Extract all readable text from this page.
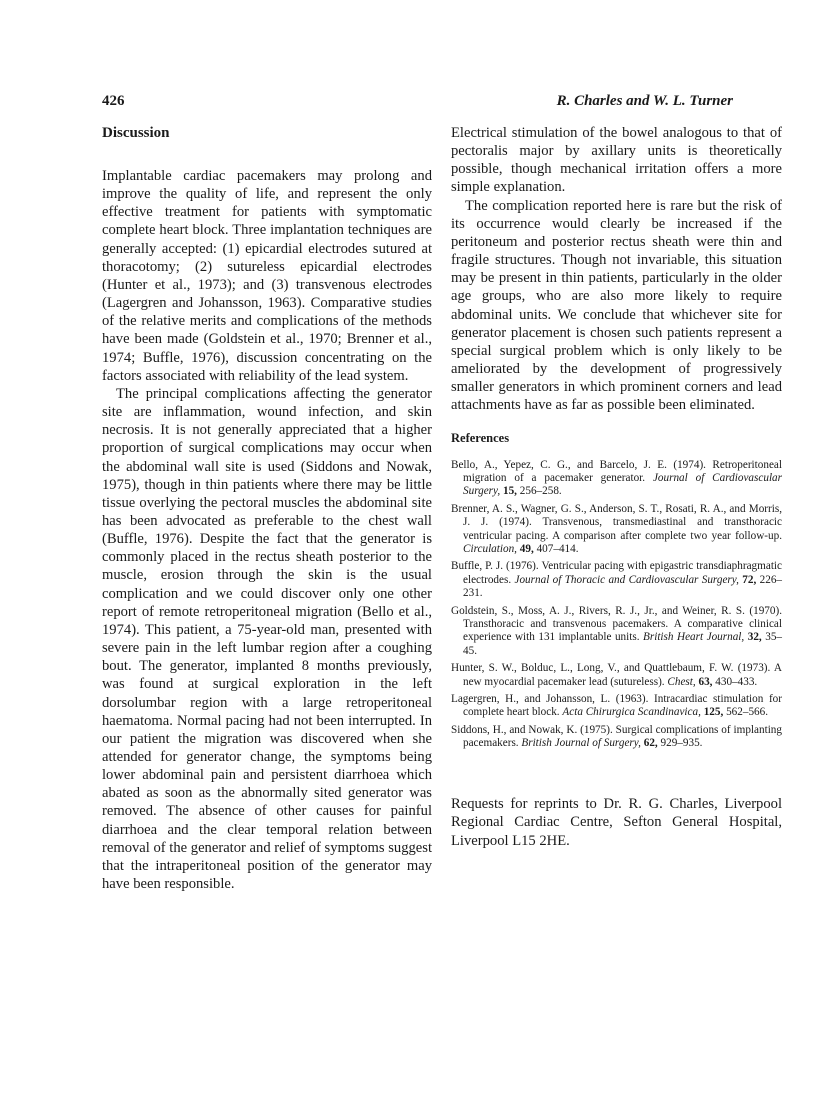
426	R. Charles and W. L. Turner
Discussion

Implantable cardiac pacemakers may prolong and improve the quality of life, and represent the only effective treatment for patients with symptomatic complete heart block. Three implantation techniques are generally accepted: (1) epicardial electrodes sutured at thoracotomy; (2) sutureless epicardial electrodes (Hunter et al., 1973); and (3) transvenous electrodes (Lagergren and Johansson, 1963). Comparative studies of the relative merits and complications of the methods have been made (Goldstein et al., 1970; Brenner et al., 1974; Buffle, 1976), discussion concentrating on the factors associated with reliability of the lead system.

The principal complications affecting the generator site are inflammation, wound infection, and skin necrosis. It is not generally appreciated that a higher proportion of surgical complications may occur when the abdominal wall site is used (Siddons and Nowak, 1975), though in thin patients where there may be little tissue overlying the pectoral muscles the abdominal site has been advocated as preferable to the chest wall (Buffle, 1976). Despite the fact that the generator is commonly placed in the rectus sheath posterior to the muscle, erosion through the skin is the usual complication and we could discover only one other report of remote retroperitoneal migration (Bello et al., 1974). This patient, a 75-year-old man, presented with severe pain in the left lumbar region after a coughing bout. The generator, implanted 8 months previously, was found at surgical exploration in the left dorsolumbar region with a large retroperitoneal haematoma. Normal pacing had not been interrupted. In our patient the migration was discovered when she attended for generator change, the symptoms being lower abdominal pain and persistent diarrhoea which abated as soon as the abnormally sited generator was removed. The absence of other causes for painful diarrhoea and the clear temporal relation between removal of the generator and relief of symptoms suggest that the intraperitoneal position of the generator may have been responsible.

Electrical stimulation of the bowel analogous to that of pectoralis major by axillary units is theoretically possible, though mechanical irritation offers a more simple explanation.

The complication reported here is rare but the risk of its occurrence would clearly be increased if the peritoneum and posterior rectus sheath were thin and fragile structures. Though not invariable, this situation may be present in thin patients, particularly in the older age groups, who are also more likely to require abdominal units. We conclude that whichever site for generator placement is chosen such patients represent a special surgical problem which is only likely to be ameliorated by the development of progressively smaller generators in which prominent corners and lead attachments have as far as possible been eliminated.

References

Bello, A., Yepez, C. G., and Barcelo, J. E. (1974). Retroperitoneal migration of a pacemaker generator. Journal of Cardiovascular Surgery, 15, 256–258.

Brenner, A. S., Wagner, G. S., Anderson, S. T., Rosati, R. A., and Morris, J. J. (1974). Transvenous, transmediastinal and transthoracic ventricular pacing. A comparison after complete two year follow-up. Circulation, 49, 407–414.

Buffle, P. J. (1976). Ventricular pacing with epigastric transdiaphragmatic electrodes. Journal of Thoracic and Cardiovascular Surgery, 72, 226–231.

Goldstein, S., Moss, A. J., Rivers, R. J., Jr., and Weiner, R. S. (1970). Transthoracic and transvenous pacemakers. A comparative clinical experience with 131 implantable units. British Heart Journal, 32, 35–45.

Hunter, S. W., Bolduc, L., Long, V., and Quattlebaum, F. W. (1973). A new myocardial pacemaker lead (sutureless). Chest, 63, 430–433.

Lagergren, H., and Johansson, L. (1963). Intracardiac stimulation for complete heart block. Acta Chirurgica Scandinavica, 125, 562–566.

Siddons, H., and Nowak, K. (1975). Surgical complications of implanting pacemakers. British Journal of Surgery, 62, 929–935.

Requests for reprints to Dr. R. G. Charles, Liverpool Regional Cardiac Centre, Sefton General Hospital, Liverpool L15 2HE.
